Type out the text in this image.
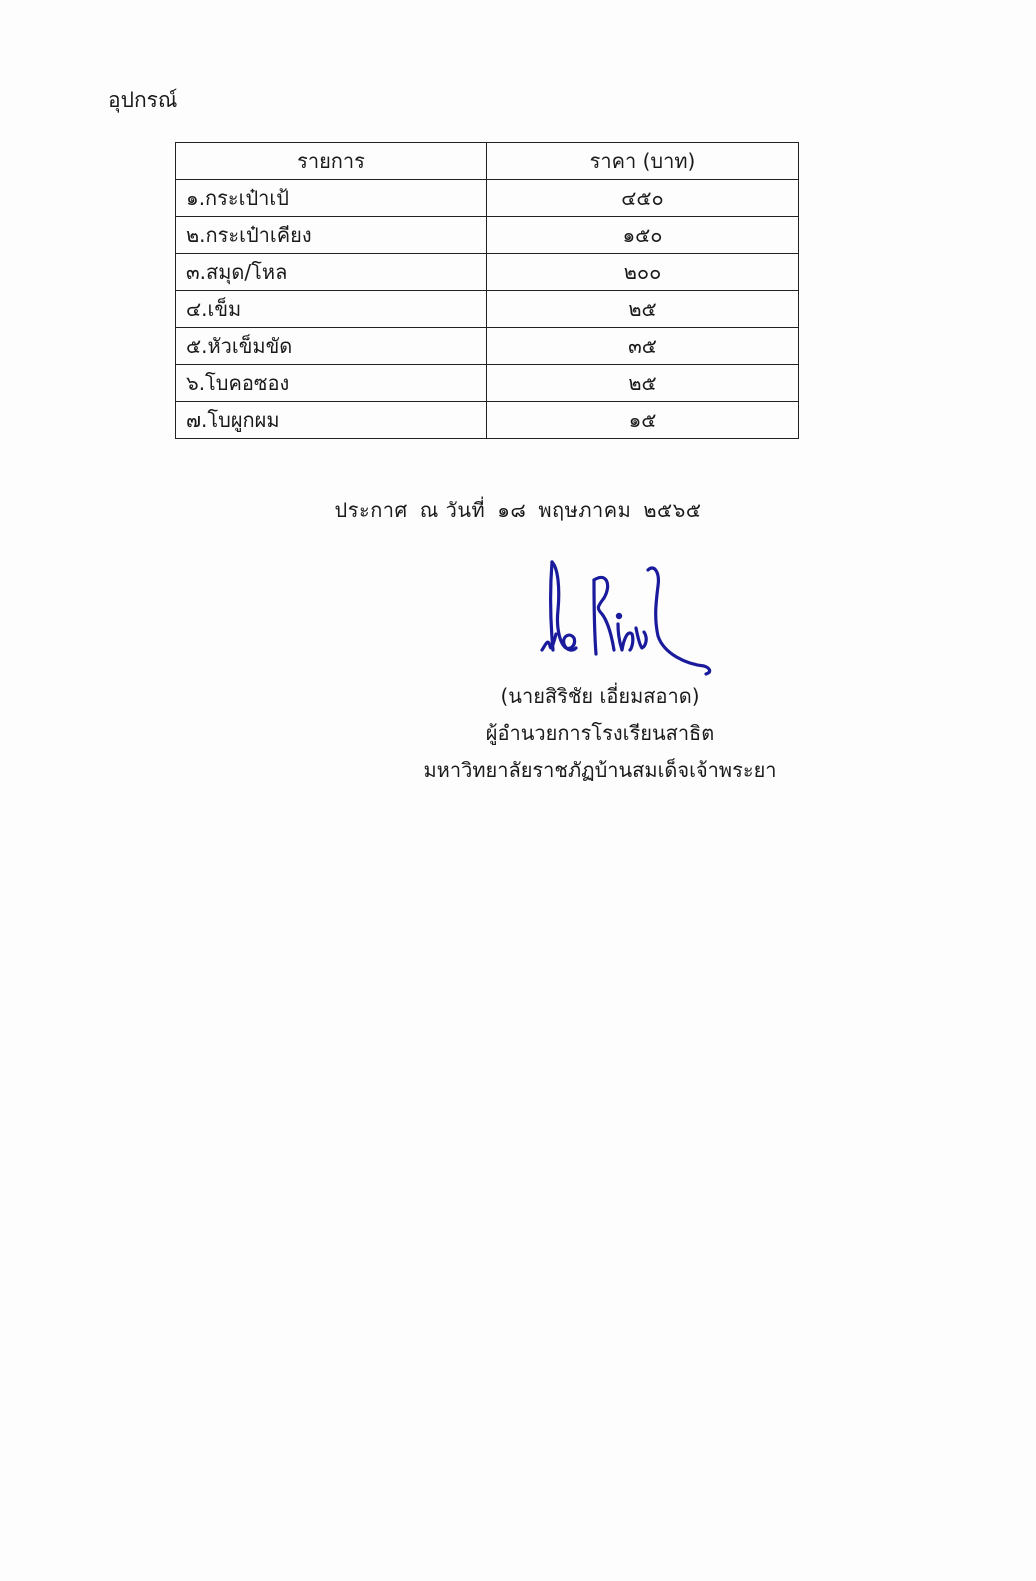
อุปกรณ์
รายการ	ราคา (บาท)
๑.กระเป๋าเป้	๔๕๐
๒.กระเป๋าเคียง	๑๕๐
๓.สมุด/โหล	๒๐๐
๔.เข็ม	๒๕
๕.หัวเข็มขัด	๓๕
๖.โบคอซอง	๒๕
๗.โบผูกผม	๑๕
ประกาศ ณ วันที่ ๑๘ พฤษภาคม ๒๕๖๕
(นายสิริชัย เอี่ยมสอาด)
ผู้อำนวยการโรงเรียนสาธิต
มหาวิทยาลัยราชภัฏบ้านสมเด็จเจ้าพระยา
